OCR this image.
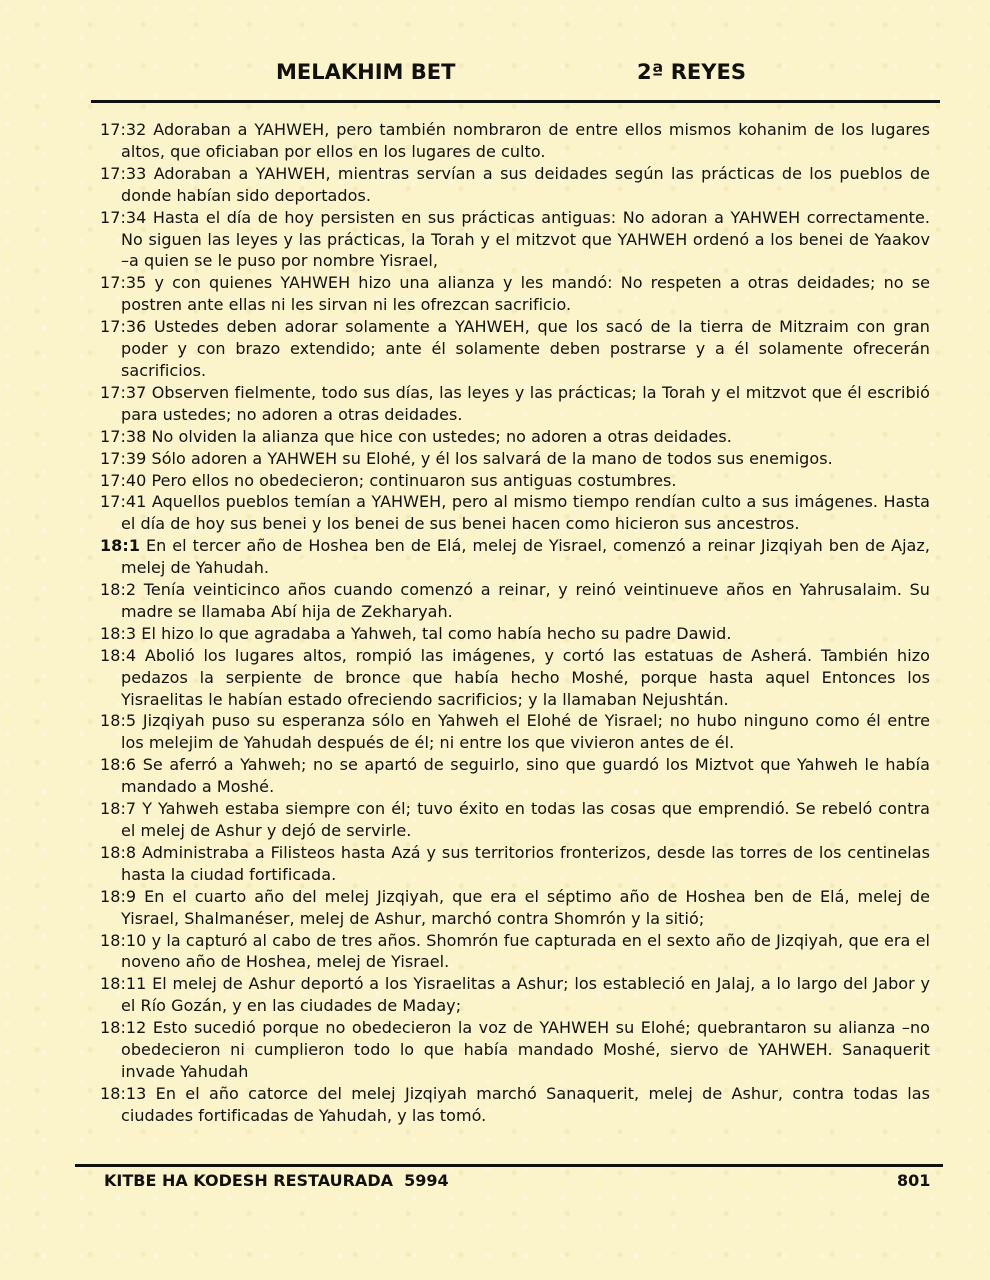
MELAKHIM BET	2ª REYES

17:32 Adoraban a YAHWEH, pero también nombraron de entre ellos mismos kohanim de los lugares altos, que oficiaban por ellos en los lugares de culto.

17:33 Adoraban a YAHWEH, mientras servían a sus deidades según las prácticas de los pueblos de donde habían sido deportados.

17:34 Hasta el día de hoy persisten en sus prácticas antiguas: No adoran a YAHWEH correctamente. No siguen las leyes y las prácticas, la Torah y el mitzvot que YAHWEH ordenó a los benei de Yaakov –a quien se le puso por nombre Yisrael,

17:35 y con quienes YAHWEH hizo una alianza y les mandó: No respeten a otras deidades; no se postren ante ellas ni les sirvan ni les ofrezcan sacrificio.

17:36 Ustedes deben adorar solamente a YAHWEH, que los sacó de la tierra de Mitzraim con gran poder y con brazo extendido; ante él solamente deben postrarse y a él solamente ofrecerán sacrificios.

17:37 Observen fielmente, todo sus días, las leyes y las prácticas; la Torah y el mitzvot que él escribió para ustedes; no adoren a otras deidades.

17:38 No olviden la alianza que hice con ustedes; no adoren a otras deidades.

17:39 Sólo adoren a YAHWEH su Elohé, y él los salvará de la mano de todos sus enemigos.

17:40 Pero ellos no obedecieron; continuaron sus antiguas costumbres.

17:41 Aquellos pueblos temían a YAHWEH, pero al mismo tiempo rendían culto a sus imágenes. Hasta el día de hoy sus benei y los benei de sus benei hacen como hicieron sus ancestros.

18:1 En el tercer año de Hoshea ben de Elá, melej de Yisrael, comenzó a reinar Jizqiyah ben de Ajaz, melej de Yahudah.

18:2 Tenía veinticinco años cuando comenzó a reinar, y reinó veintinueve años en Yahrusalaim. Su madre se llamaba Abí hija de Zekharyah.

18:3 El hizo lo que agradaba a Yahweh, tal como había hecho su padre Dawid.

18:4 Abolió los lugares altos, rompió las imágenes, y cortó las estatuas de Asherá. También hizo pedazos la serpiente de bronce que había hecho Moshé, porque hasta aquel Entonces los Yisraelitas le habían estado ofreciendo sacrificios; y la llamaban Nejushtán.

18:5 Jizqiyah puso su esperanza sólo en Yahweh el Elohé de Yisrael; no hubo ninguno como él entre los melejim de Yahudah después de él; ni entre los que vivieron antes de él.

18:6 Se aferró a Yahweh; no se apartó de seguirlo, sino que guardó los Miztvot que Yahweh le había mandado a Moshé.

18:7 Y Yahweh estaba siempre con él; tuvo éxito en todas las cosas que emprendió. Se rebeló contra el melej de Ashur y dejó de servirle.

18:8 Administraba a Filisteos hasta Azá y sus territorios fronterizos, desde las torres de los centinelas hasta la ciudad fortificada.

18:9 En el cuarto año del melej Jizqiyah, que era el séptimo año de Hoshea ben de Elá, melej de Yisrael, Shalmanéser, melej de Ashur, marchó contra Shomrón y la sitió;

18:10 y la capturó al cabo de tres años. Shomrón fue capturada en el sexto año de Jizqiyah, que era el noveno año de Hoshea, melej de Yisrael.

18:11 El melej de Ashur deportó a los Yisraelitas a Ashur; los estableció en Jalaj, a lo largo del Jabor y el Río Gozán, y en las ciudades de Maday;

18:12 Esto sucedió porque no obedecieron la voz de YAHWEH su Elohé; quebrantaron su alianza –no obedecieron ni cumplieron todo lo que había mandado Moshé, siervo de YAHWEH. Sanaquerit invade Yahudah

18:13 En el año catorce del melej Jizqiyah marchó Sanaquerit, melej de Ashur, contra todas las ciudades fortificadas de Yahudah, y las tomó.

KITBE HA KODESH RESTAURADA  5994	801
